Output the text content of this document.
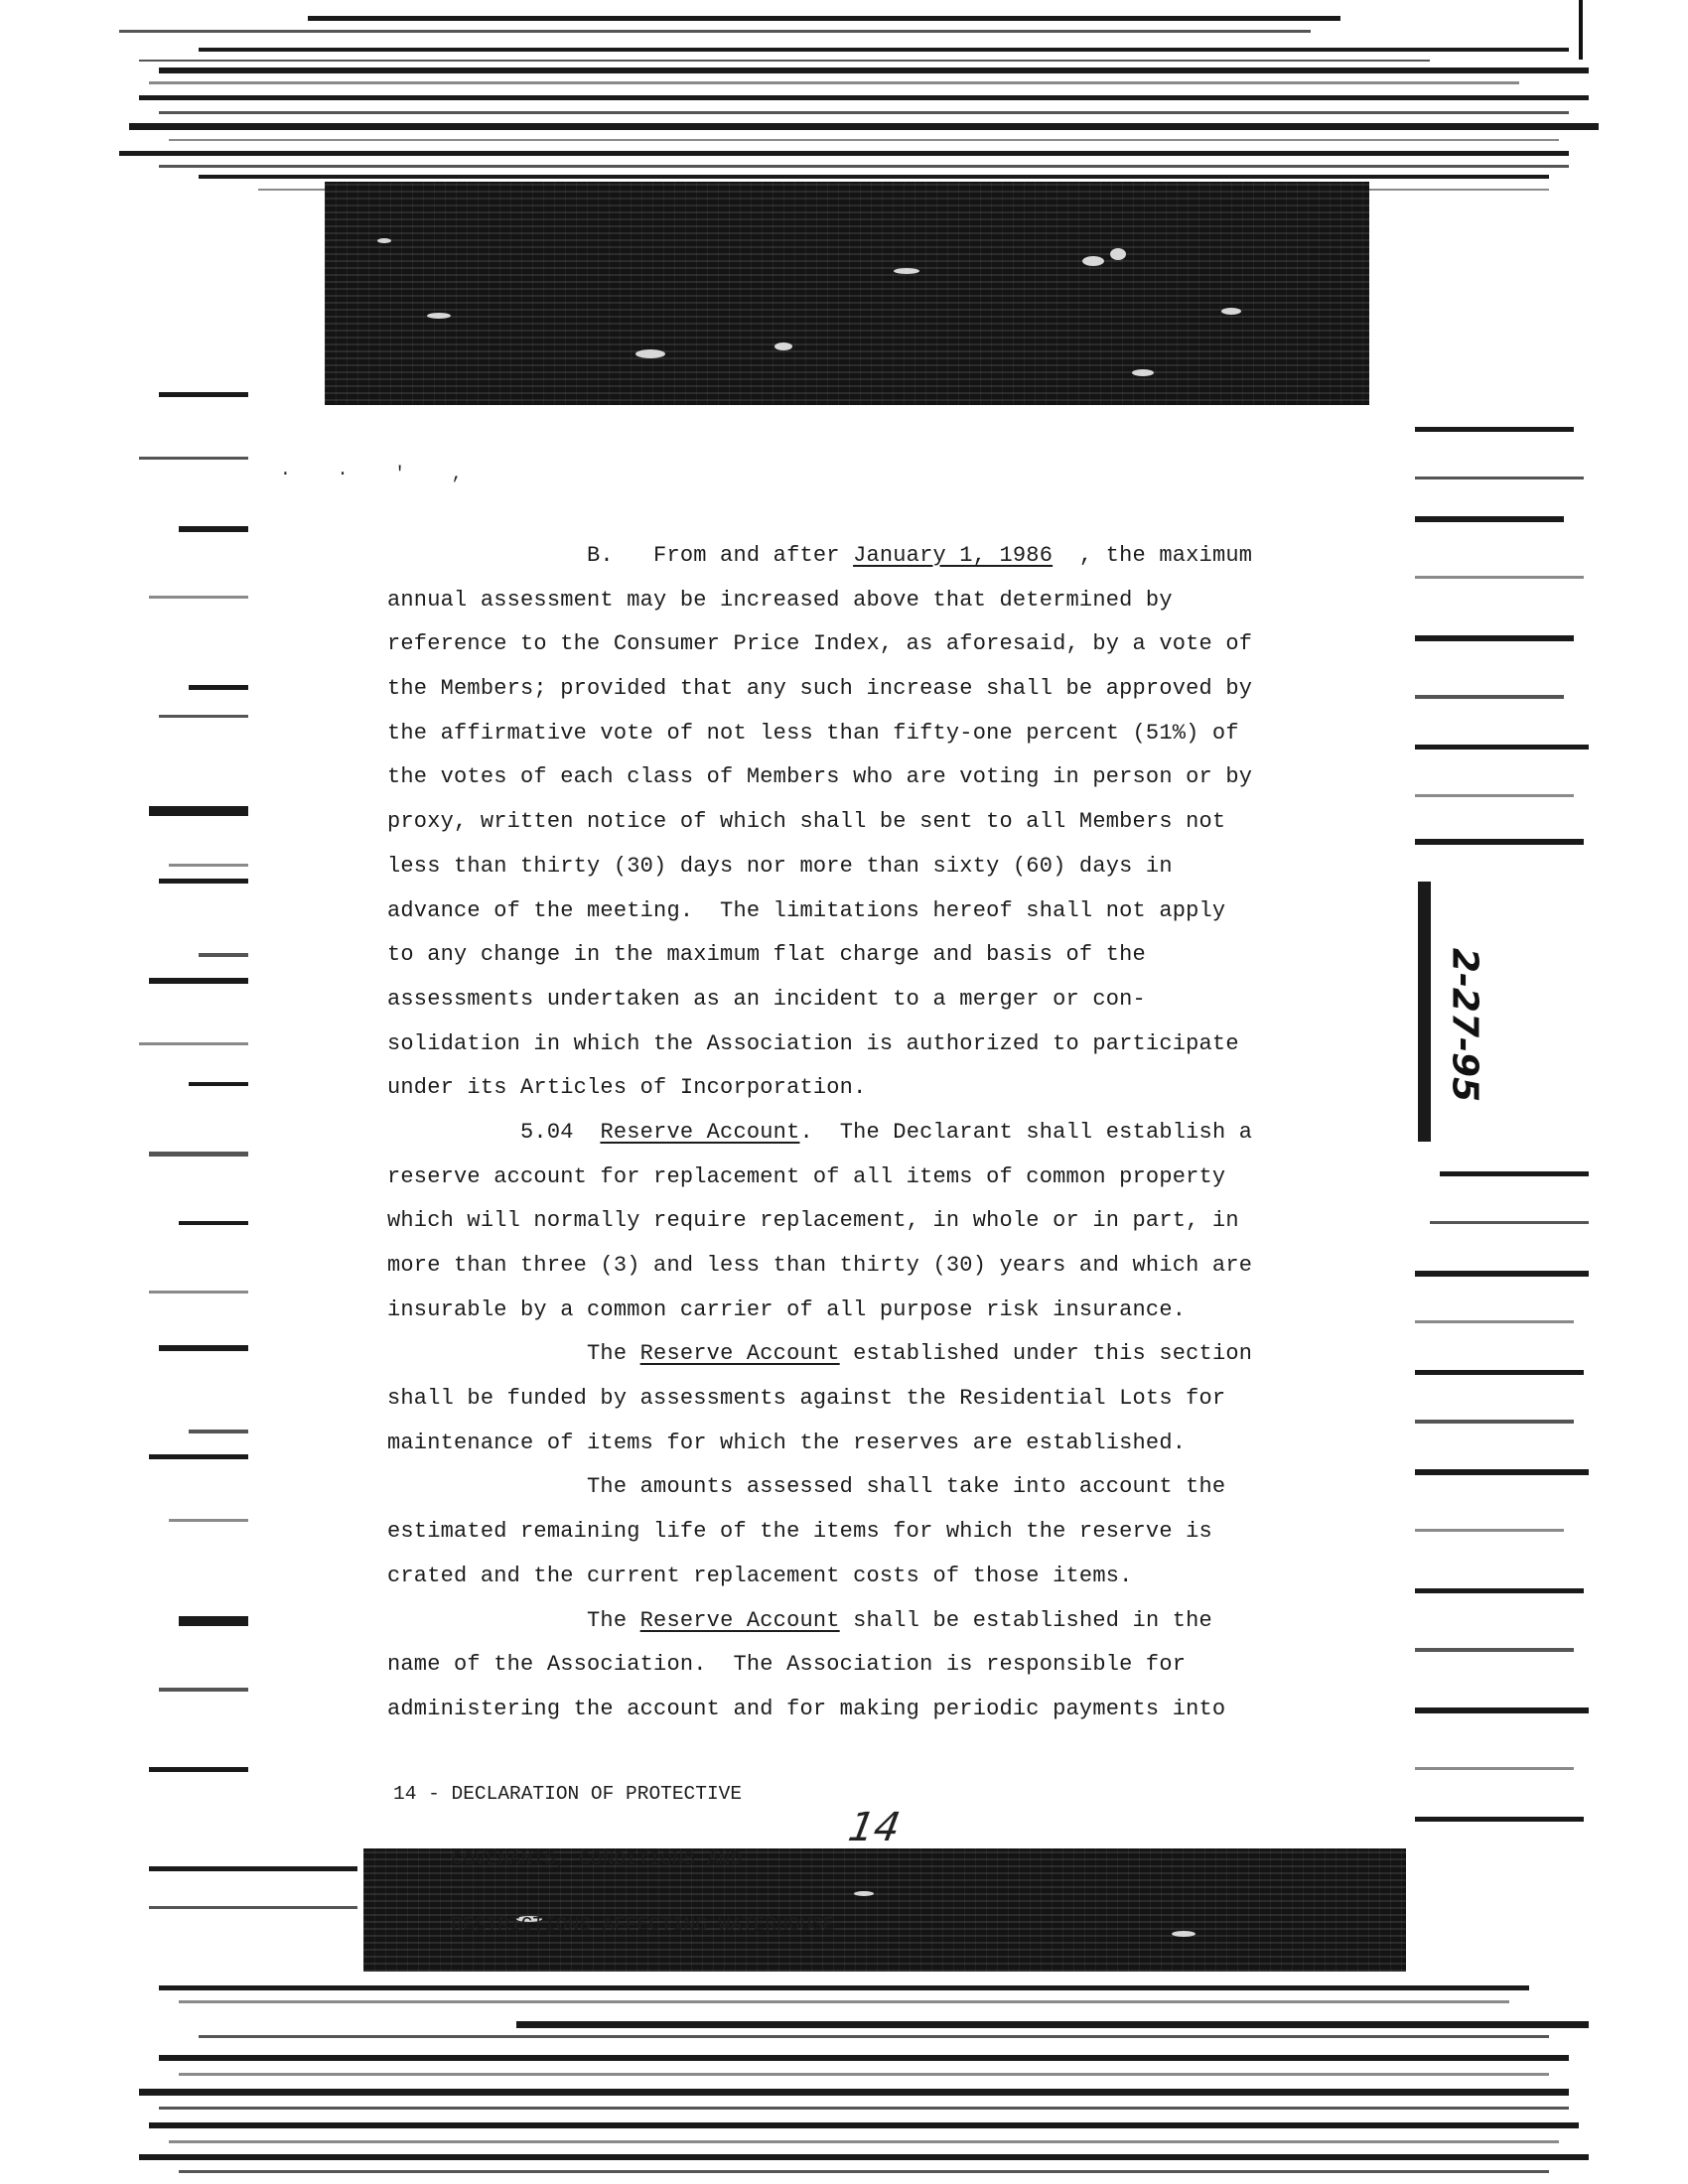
· · ' ,
B.   From and after January 1, 1986  , the maximum
annual assessment may be increased above that determined by
reference to the Consumer Price Index, as aforesaid, by a vote of
the Members; provided that any such increase shall be approved by
the affirmative vote of not less than fifty-one percent (51%) of
the votes of each class of Members who are voting in person or by
proxy, written notice of which shall be sent to all Members not
less than thirty (30) days nor more than sixty (60) days in
advance of the meeting.  The limitations hereof shall not apply
to any change in the maximum flat charge and basis of the
assessments undertaken as an incident to a merger or con-
solidation in which the Association is authorized to participate
under its Articles of Incorporation.
5.04  Reserve Account.  The Declarant shall establish a
reserve account for replacement of all items of common property
which will normally require replacement, in whole or in part, in
more than three (3) and less than thirty (30) years and which are
insurable by a common carrier of all purpose risk insurance.
The Reserve Account established under this section
shall be funded by assessments against the Residential Lots for
maintenance of items for which the reserves are established.
The amounts assessed shall take into account the
estimated remaining life of the items for which the reserve is
crated and the current replacement costs of those items.
The Reserve Account shall be established in the
name of the Association.  The Association is responsible for
administering the account and for making periodic payments into

14 - DECLARATION OF PROTECTIVE

COVENANTS, CONDITIONS AND

RESTRICTIONS AFFECTING WATERHOUSE

14
2-27-95
